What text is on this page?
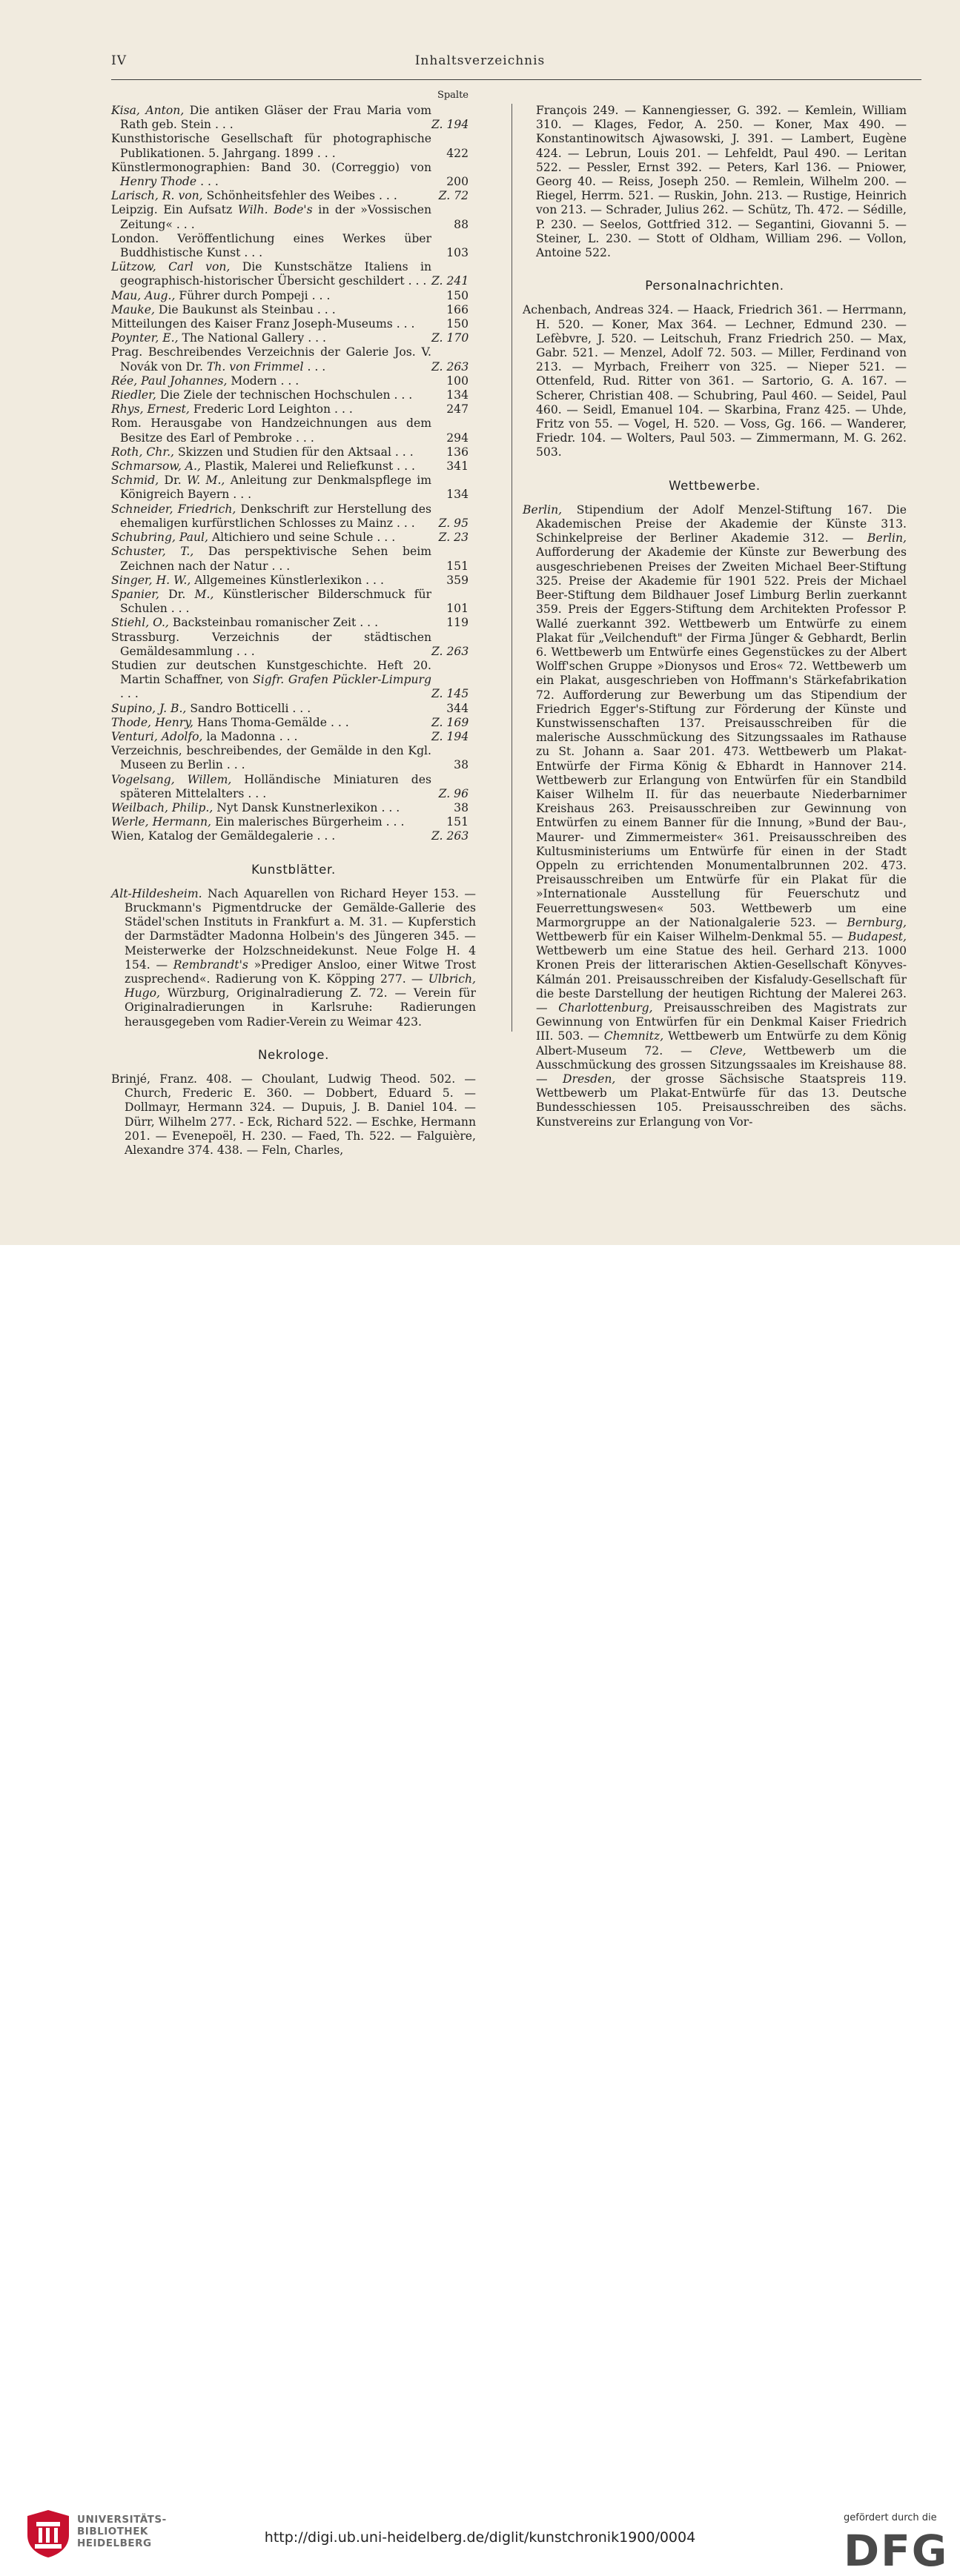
IV	Inhaltsverzeichnis
Spalte
Kisa, Anton, Die antiken Gläser der Frau Maria vom Rath geb. Stein . . .	Z. 194
Kunsthistorische Gesellschaft für photographische Publikationen. 5. Jahrgang. 1899 . . .	422
Künstlermonographien: Band 30. (Correggio) von Henry Thode . . .	200
Larisch, R. von, Schönheitsfehler des Weibes . . .	Z. 72
Leipzig. Ein Aufsatz Wilh. Bode's in der »Vossischen Zeitung« . . .	88
London. Veröffentlichung eines Werkes über Buddhistische Kunst . . .	103
Lützow, Carl von, Die Kunstschätze Italiens in geographisch-historischer Übersicht geschildert . . . Z. 241
Mau, Aug., Führer durch Pompeji . . .	150
Mauke, Die Baukunst als Steinbau . . .	166
Mitteilungen des Kaiser Franz Joseph-Museums . . .	150
Poynter, E., The National Gallery . . .	Z. 170
Prag. Beschreibendes Verzeichnis der Galerie Jos. V. Novák von Dr. Th. von Frimmel . . .	Z. 263
Rée, Paul Johannes, Modern . . .	100
Riedler, Die Ziele der technischen Hochschulen . . .	134
Rhys, Ernest, Frederic Lord Leighton . . .	247
Rom. Herausgabe von Handzeichnungen aus dem Besitze des Earl of Pembroke . . .	294
Roth, Chr., Skizzen und Studien für den Aktsaal . . .	136
Schmarsow, A., Plastik, Malerei und Reliefkunst . . .	341
Schmid, Dr. W. M., Anleitung zur Denkmalspflege im Königreich Bayern . . .	134
Schneider, Friedrich, Denkschrift zur Herstellung des ehemaligen kurfürstlichen Schlosses zu Mainz . . .	Z. 95
Schubring, Paul, Altichiero und seine Schule . . .	Z. 23
Schuster, T., Das perspektivische Sehen beim Zeichnen nach der Natur . . .	151
Singer, H. W., Allgemeines Künstlerlexikon . . .	359
Spanier, Dr. M., Künstlerischer Bilderschmuck für Schulen . . .	101
Stiehl, O., Backsteinbau romanischer Zeit . . .	119
Strassburg. Verzeichnis der städtischen Gemäldesammlung . . .	Z. 263
Studien zur deutschen Kunstgeschichte. Heft 20. Martin Schaffner, von Sigfr. Grafen Pückler-Limpurg . . .	Z. 145
Supino, J. B., Sandro Botticelli . . .	344
Thode, Henry, Hans Thoma-Gemälde . . .	Z. 169
Venturi, Adolfo, la Madonna . . .	Z. 194
Verzeichnis, beschreibendes, der Gemälde in den Kgl. Museen zu Berlin . . .	38
Vogelsang, Willem, Holländische Miniaturen des späteren Mittelalters . . .	Z. 96
Weilbach, Philip., Nyt Dansk Kunstnerlexikon . . .	38
Werle, Hermann, Ein malerisches Bürgerheim . . .	151
Wien, Katalog der Gemäldegalerie . . .	Z. 263
Kunstblätter.

Alt-Hildesheim. Nach Aquarellen von Richard Heyer 153. — Bruckmann's Pigmentdrucke der Gemälde-Gallerie des Städel'schen Instituts in Frankfurt a. M. 31. — Kupferstich der Darmstädter Madonna Holbein's des Jüngeren 345. — Meisterwerke der Holzschneidekunst. Neue Folge H. 4 154. — Rembrandt's »Prediger Ansloo, einer Witwe Trost zusprechend«. Radierung von K. Köpping 277. — Ulbrich, Hugo, Würzburg, Originalradierung Z. 72. — Verein für Originalradierungen in Karlsruhe: Radierungen herausgegeben vom Radier-Verein zu Weimar 423.

Nekrologe.

Brinjé, Franz. 408. — Choulant, Ludwig Theod. 502. — Church, Frederic E. 360. — Dobbert, Eduard 5. — Dollmayr, Hermann 324. — Dupuis, J. B. Daniel 104. — Dürr, Wilhelm 277. - Eck, Richard 522. — Eschke, Hermann 201. — Evenepoël, H. 230. — Faed, Th. 522. — Falguière, Alexandre 374. 438. — Feln, Charles,

François 249. — Kannengiesser, G. 392. — Kemlein, William 310. — Klages, Fedor, A. 250. — Koner, Max 490. — Konstantinowitsch Ajwasowski, J. 391. — Lambert, Eugène 424. — Lebrun, Louis 201. — Lehfeldt, Paul 490. — Leritan 522. — Pessler, Ernst 392. — Peters, Karl 136. — Pniower, Georg 40. — Reiss, Joseph 250. — Remlein, Wilhelm 200. — Riegel, Herrm. 521. — Ruskin, John. 213. — Rustige, Heinrich von 213. — Schrader, Julius 262. — Schütz, Th. 472. — Sédille, P. 230. — Seelos, Gottfried 312. — Segantini, Giovanni 5. — Steiner, L. 230. — Stott of Oldham, William 296. — Vollon, Antoine 522.

Personalnachrichten.

Achenbach, Andreas 324. — Haack, Friedrich 361. — Herrmann, H. 520. — Koner, Max 364. — Lechner, Edmund 230. — Lefèbvre, J. 520. — Leitschuh, Franz Friedrich 250. — Max, Gabr. 521. — Menzel, Adolf 72. 503. — Miller, Ferdinand von 213. — Myrbach, Freiherr von 325. — Nieper 521. — Ottenfeld, Rud. Ritter von 361. — Sartorio, G. A. 167. — Scherer, Christian 408. — Schubring, Paul 460. — Seidel, Paul 460. — Seidl, Emanuel 104. — Skarbina, Franz 425. — Uhde, Fritz von 55. — Vogel, H. 520. — Voss, Gg. 166. — Wanderer, Friedr. 104. — Wolters, Paul 503. — Zimmermann, M. G. 262. 503.

Wettbewerbe.

Berlin, Stipendium der Adolf Menzel-Stiftung 167. Die Akademischen Preise der Akademie der Künste 313. Schinkelpreise der Berliner Akademie 312. — Berlin, Aufforderung der Akademie der Künste zur Bewerbung des ausgeschriebenen Preises der Zweiten Michael Beer-Stiftung 325. Preise der Akademie für 1901 522. Preis der Michael Beer-Stiftung dem Bildhauer Josef Limburg Berlin zuerkannt 359. Preis der Eggers-Stiftung dem Architekten Professor P. Wallé zuerkannt 392. Wettbewerb um Entwürfe zu einem Plakat für „Veilchenduft" der Firma Jünger & Gebhardt, Berlin 6. Wettbewerb um Entwürfe eines Gegenstückes zu der Albert Wolff'schen Gruppe »Dionysos und Eros« 72. Wettbewerb um ein Plakat, ausgeschrieben von Hoffmann's Stärkefabrikation 72. Aufforderung zur Bewerbung um das Stipendium der Friedrich Egger's-Stiftung zur Förderung der Künste und Kunstwissenschaften 137. Preisausschreiben für die malerische Ausschmückung des Sitzungssaales im Rathause zu St. Johann a. Saar 201. 473. Wettbewerb um Plakat-Entwürfe der Firma König & Ebhardt in Hannover 214. Wettbewerb zur Erlangung von Entwürfen für ein Standbild Kaiser Wilhelm II. für das neuerbaute Niederbarnimer Kreishaus 263. Preisausschreiben zur Gewinnung von Entwürfen zu einem Banner für die Innung, »Bund der Bau-, Maurer- und Zimmermeister« 361. Preisausschreiben des Kultusministeriums um Entwürfe für einen in der Stadt Oppeln zu errichtenden Monumentalbrunnen 202. 473. Preisausschreiben um Entwürfe für ein Plakat für die »Internationale Ausstellung für Feuerschutz und Feuerrettungswesen« 503. Wettbewerb um eine Marmorgruppe an der Nationalgalerie 523. — Bernburg, Wettbewerb für ein Kaiser Wilhelm-Denkmal 55. — Budapest, Wettbewerb um eine Statue des heil. Gerhard 213. 1000 Kronen Preis der litterarischen Aktien-Gesellschaft Könyves-Kálmán 201. Preisausschreiben der Kisfaludy-Gesellschaft für die beste Darstellung der heutigen Richtung der Malerei 263. — Charlottenburg, Preisausschreiben des Magistrats zur Gewinnung von Entwürfen für ein Denkmal Kaiser Friedrich III. 503. — Chemnitz, Wettbewerb um Entwürfe zu dem König Albert-Museum 72. — Cleve, Wettbewerb um die Ausschmückung des grossen Sitzungssaales im Kreishause 88. — Dresden, der grosse Sächsische Staatspreis 119. Wettbewerb um Plakat-Entwürfe für das 13. Deutsche Bundesschiessen 105. Preisausschreiben des sächs. Kunstvereins zur Erlangung von Vor-

UNIVERSITÄTS-
BIBLIOTHEK
HEIDELBERG	http://digi.ub.uni-heidelberg.de/diglit/kunstchronik1900/0004
gefördert durch die
DFG
